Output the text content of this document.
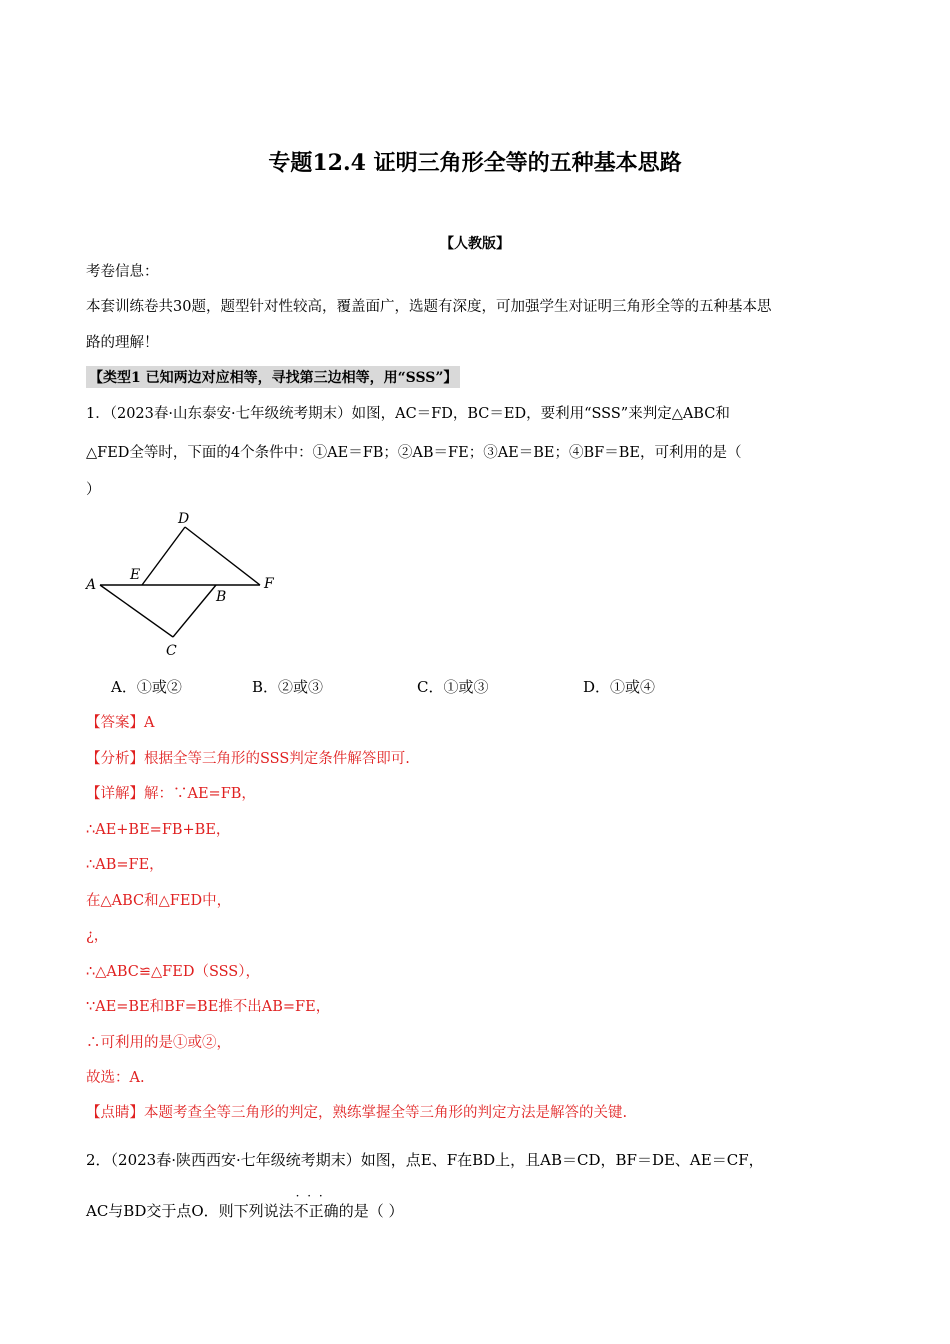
专题12.4 证明三角形全等的五种基本思路
【人教版】
考卷信息：
本套训练卷共30题，题型针对性较高，覆盖面广，选题有深度，可加强学生对证明三角形全等的五种基本思
路的理解！
【类型1 已知两边对应相等，寻找第三边相等，用“SSS”】
1．（2023春·山东泰安·七年级统考期末）如图，AC＝FD，BC＝ED，要利用“SSS”来判定△ABC和
△FED全等时，下面的4个条件中：①AE＝FB；②AB＝FE；③AE＝BE；④BF＝BE，可利用的是（
）
A
E
D
F
B
C
A．①或②	B．②或③	C．①或③	D．①或④
【答案】A
【分析】根据全等三角形的SSS判定条件解答即可.
【详解】解：∵AE=FB，
∴AE+BE=FB+BE，
∴AB=FE，
在△ABC和△FED中，
¿，
∴△ABC≌△FED（SSS），
∵AE=BE和BF=BE推不出AB=FE，
∴可利用的是①或②，
故选：A.
【点睛】本题考查全等三角形的判定，熟练掌握全等三角形的判定方法是解答的关键.
2．（2023春·陕西西安·七年级统考期末）如图，点E、F在BD上，且AB＝CD，BF＝DE、AE＝CF，
AC与BD交于点O．则下列说法· · · 不正确的是（ ）
